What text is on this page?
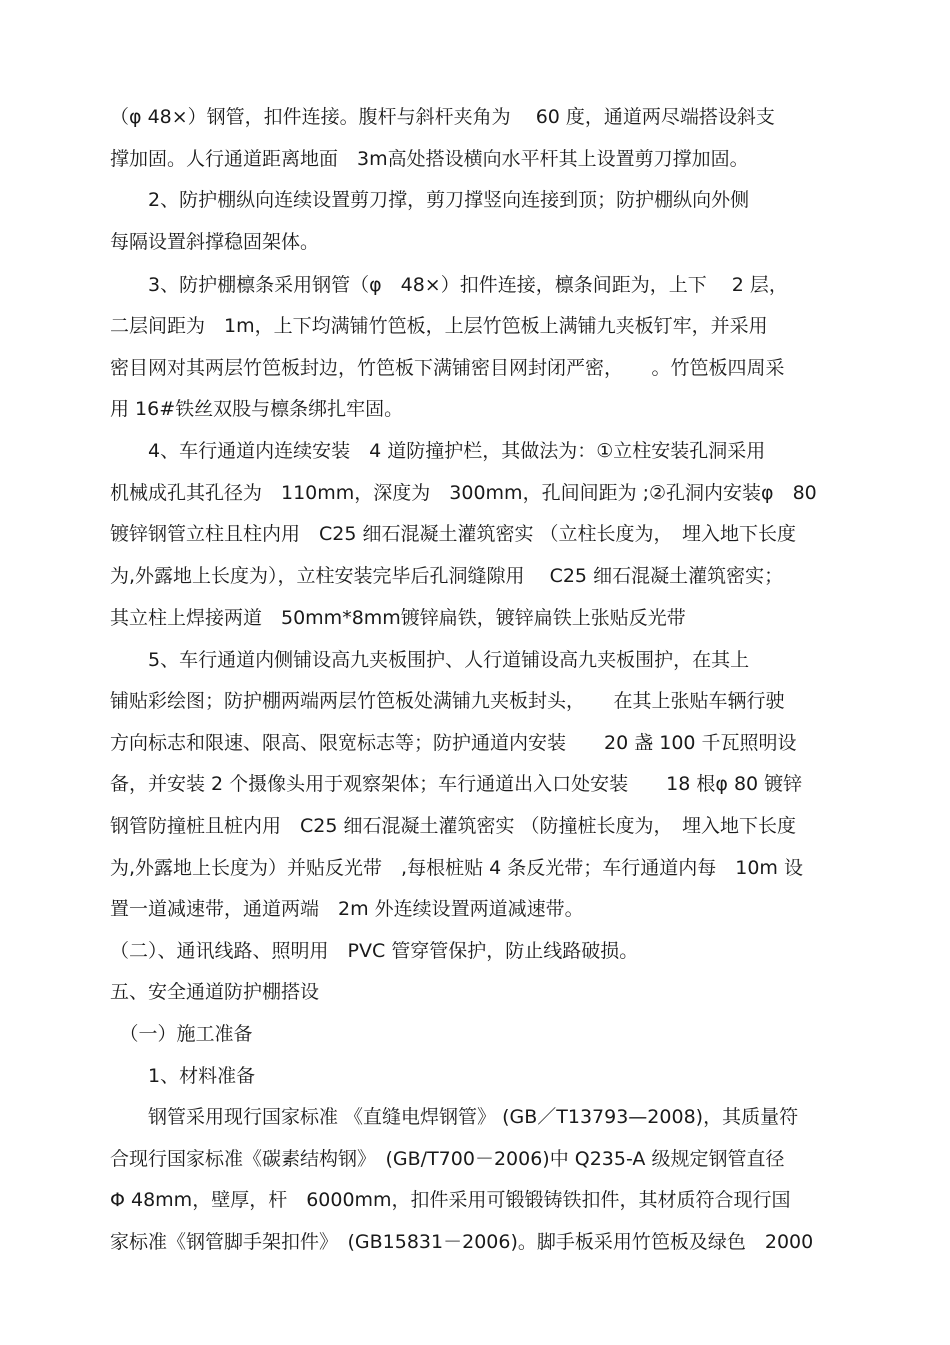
（φ 48×）钢管，扣件连接。腹杆与斜杆夹角为　 60 度，通道两尽端搭设斜支
撑加固。人行通道距离地面　3m高处搭设横向水平杆其上设置剪刀撑加固。
　　2、防护棚纵向连续设置剪刀撑，剪刀撑竖向连接到顶；防护棚纵向外侧
每隔设置斜撑稳固架体。
　　3、防护棚檩条采用钢管（φ　48×）扣件连接，檩条间距为，上下　 2 层，
二层间距为　1m，上下均满铺竹笆板，上层竹笆板上满铺九夹板钉牢，并采用
密目网对其两层竹笆板封边，竹笆板下满铺密目网封闭严密，　　。竹笆板四周采
用 16#铁丝双股与檩条绑扎牢固。
　　4、车行通道内连续安装　4 道防撞护栏，其做法为：①立柱安装孔洞采用
机械成孔其孔径为　110mm，深度为　300mm，孔间间距为 ;②孔洞内安装φ　80
镀锌钢管立柱且柱内用　C25 细石混凝土灌筑密实 （立柱长度为，　埋入地下长度
为,外露地上长度为），立柱安装完毕后孔洞缝隙用　 C25 细石混凝土灌筑密实；
其立柱上焊接两道　50mm*8mm镀锌扁铁，镀锌扁铁上张贴反光带
　　5、车行通道内侧铺设高九夹板围护、人行道铺设高九夹板围护，在其上
铺贴彩绘图；防护棚两端两层竹笆板处满铺九夹板封头，　　在其上张贴车辆行驶
方向标志和限速、限高、限宽标志等；防护通道内安装　　20 盏 100 千瓦照明设
备，并安装 2 个摄像头用于观察架体；车行通道出入口处安装　　18 根φ 80 镀锌
钢管防撞桩且桩内用　C25 细石混凝土灌筑密实 （防撞桩长度为，　埋入地下长度
为,外露地上长度为）并贴反光带　,每根桩贴 4 条反光带；车行通道内每　10m 设
置一道减速带，通道两端　2m 外连续设置两道减速带。
（二）、通讯线路、照明用　PVC 管穿管保护，防止线路破损。
五、安全通道防护棚搭设
　（一）施工准备
　　1、材料准备
　　钢管采用现行国家标准 《直缝电焊钢管》 (GB／T13793—2008)，其质量符
合现行国家标准《碳素结构钢》　(GB/T700－2006)中 Q235-A 级规定钢管直径
Φ 48mm，壁厚，杆　6000mm，扣件采用可锻锻铸铁扣件，其材质符合现行国
家标准《钢管脚手架扣件》　(GB15831－2006)。脚手板采用竹笆板及绿色　2000
